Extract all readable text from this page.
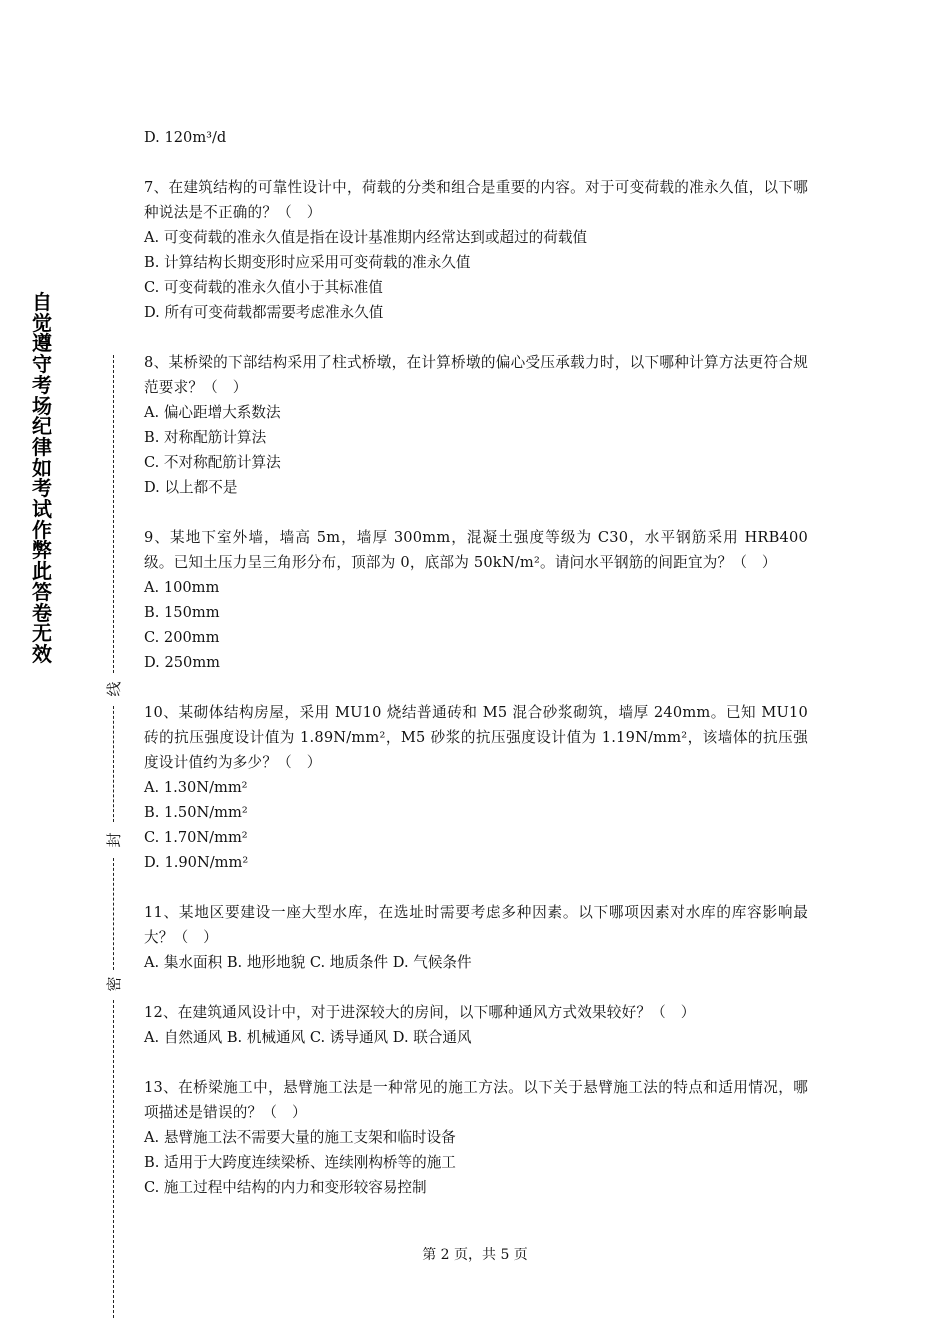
自觉遵守考场纪律如考试作弊此答卷无效
线
封
密

D. 120m³/d

7、在建筑结构的可靠性设计中，荷载的分类和组合是重要的内容。对于可变荷载的准永久值，以下哪种说法是不正确的？（　）

A. 可变荷载的准永久值是指在设计基准期内经常达到或超过的荷载值

B. 计算结构长期变形时应采用可变荷载的准永久值

C. 可变荷载的准永久值小于其标准值

D. 所有可变荷载都需要考虑准永久值

8、某桥梁的下部结构采用了柱式桥墩，在计算桥墩的偏心受压承载力时，以下哪种计算方法更符合规范要求？（　）

A. 偏心距增大系数法

B. 对称配筋计算法

C. 不对称配筋计算法

D. 以上都不是

9、某地下室外墙，墙高 5m，墙厚 300mm，混凝土强度等级为 C30，水平钢筋采用 HRB400 级。已知土压力呈三角形分布，顶部为 0，底部为 50kN/m²。请问水平钢筋的间距宜为？（　）

A. 100mm

B. 150mm

C. 200mm

D. 250mm

10、某砌体结构房屋，采用 MU10 烧结普通砖和 M5 混合砂浆砌筑，墙厚 240mm。已知 MU10 砖的抗压强度设计值为 1.89N/mm²，M5 砂浆的抗压强度设计值为 1.19N/mm²，该墙体的抗压强度设计值约为多少？（　）

A. 1.30N/mm²

B. 1.50N/mm²

C. 1.70N/mm²

D. 1.90N/mm²

11、某地区要建设一座大型水库，在选址时需要考虑多种因素。以下哪项因素对水库的库容影响最大？（　）

A. 集水面积 B. 地形地貌 C. 地质条件 D. 气候条件

12、在建筑通风设计中，对于进深较大的房间，以下哪种通风方式效果较好？（　）

A. 自然通风 B. 机械通风 C. 诱导通风 D. 联合通风

13、在桥梁施工中，悬臂施工法是一种常见的施工方法。以下关于悬臂施工法的特点和适用情况，哪项描述是错误的？（　）

A. 悬臂施工法不需要大量的施工支架和临时设备

B. 适用于大跨度连续梁桥、连续刚构桥等的施工

C. 施工过程中结构的内力和变形较容易控制

第 2 页，共 5 页
